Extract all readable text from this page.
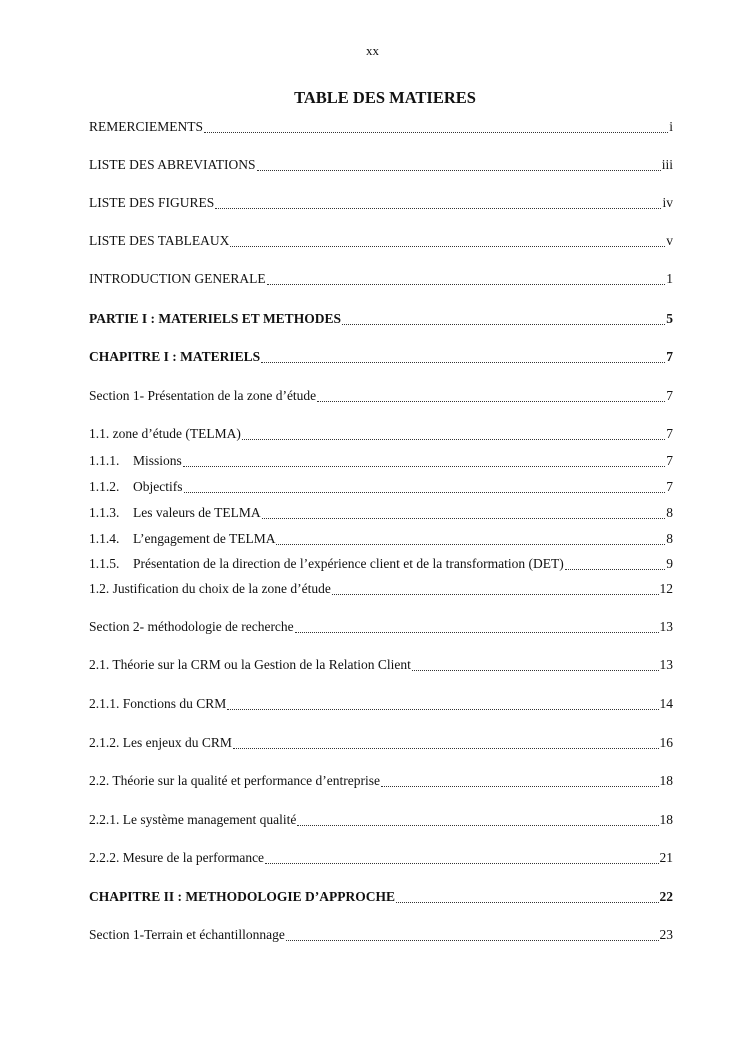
xx
TABLE DES MATIERES
REMERCIEMENTS	i
LISTE DES ABREVIATIONS	iii
LISTE DES FIGURES	iv
LISTE DES TABLEAUX	v
INTRODUCTION GENERALE	1
PARTIE I : MATERIELS ET METHODES	5
CHAPITRE I : MATERIELS	7
Section 1- Présentation de la zone d’étude	7
1.1. zone d’étude (TELMA)	7
1.1.1.	Missions	7
1.1.2.	Objectifs	7
1.1.3.	Les valeurs de TELMA	8
1.1.4.	L’engagement de TELMA	8
1.1.5.	Présentation de la direction de l’expérience client et de la transformation (DET)	9
1.2. Justification du choix de la zone d’étude	12
Section 2- méthodologie de recherche	13
2.1. Théorie sur la CRM ou la Gestion de la Relation Client	13
2.1.1. Fonctions du CRM	14
2.1.2. Les enjeux du CRM	16
2.2. Théorie sur la qualité et performance d’entreprise	18
2.2.1. Le système management qualité	18
2.2.2. Mesure de la performance	21
CHAPITRE II : METHODOLOGIE D’APPROCHE	22
Section 1-Terrain et échantillonnage	23
